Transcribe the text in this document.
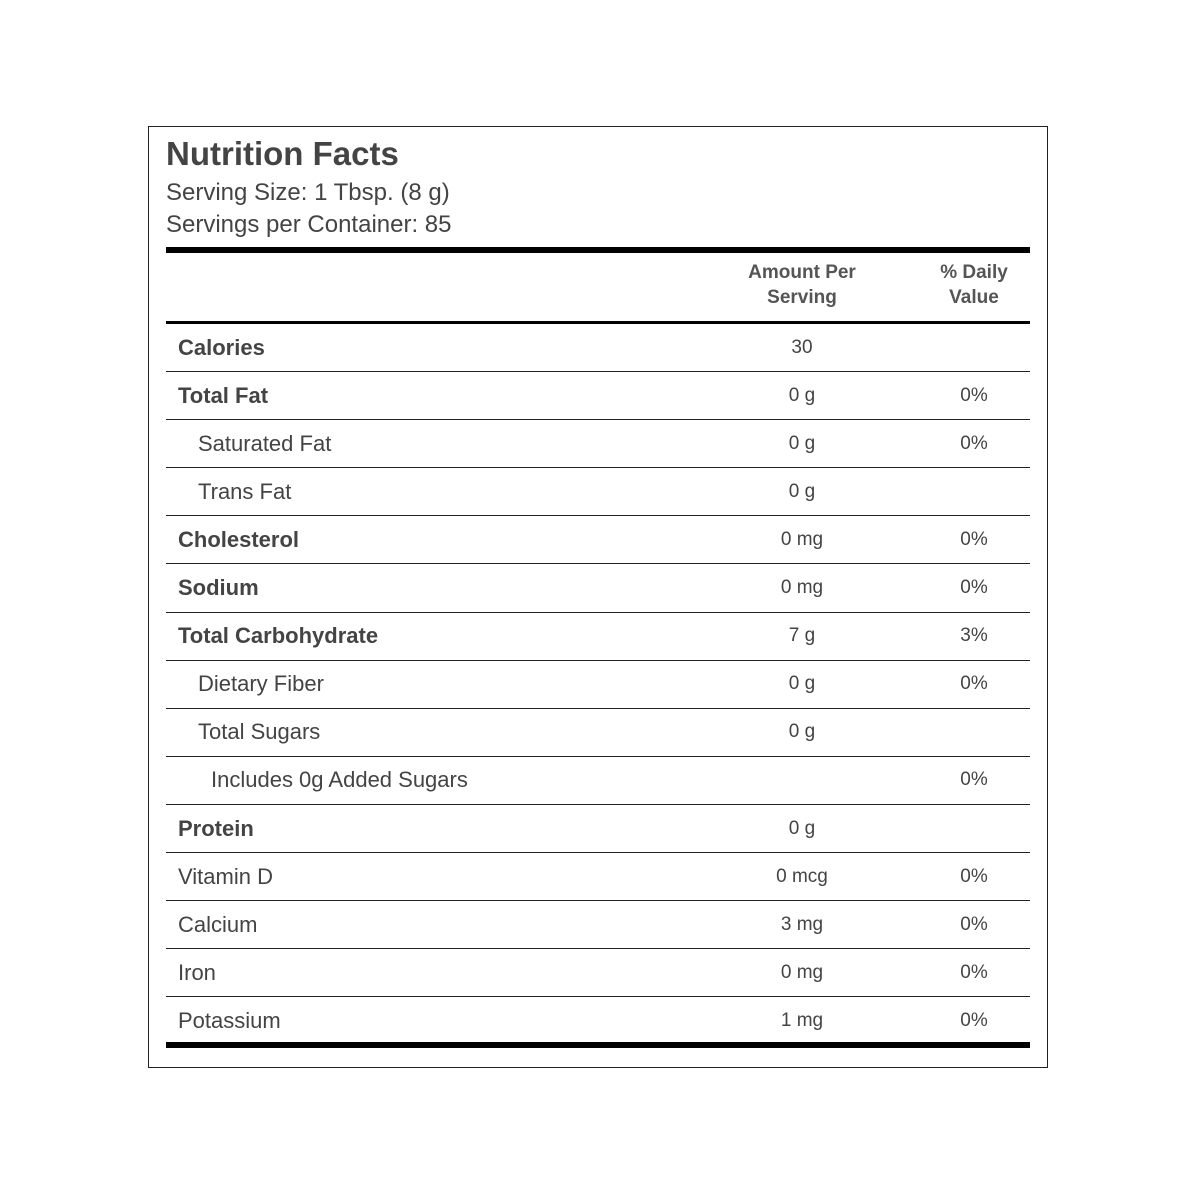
Nutrition Facts
Serving Size: 1 Tbsp. (8 g)
Servings per Container: 85
Amount Per
Serving
% Daily
Value
Calories	30
Total Fat	0 g	0%
Saturated Fat	0 g	0%
Trans Fat	0 g
Cholesterol	0 mg	0%
Sodium	0 mg	0%
Total Carbohydrate	7 g	3%
Dietary Fiber	0 g	0%
Total Sugars	0 g
Includes 0g Added Sugars	0%
Protein	0 g
Vitamin D	0 mcg	0%
Calcium	3 mg	0%
Iron	0 mg	0%
Potassium	1 mg	0%
